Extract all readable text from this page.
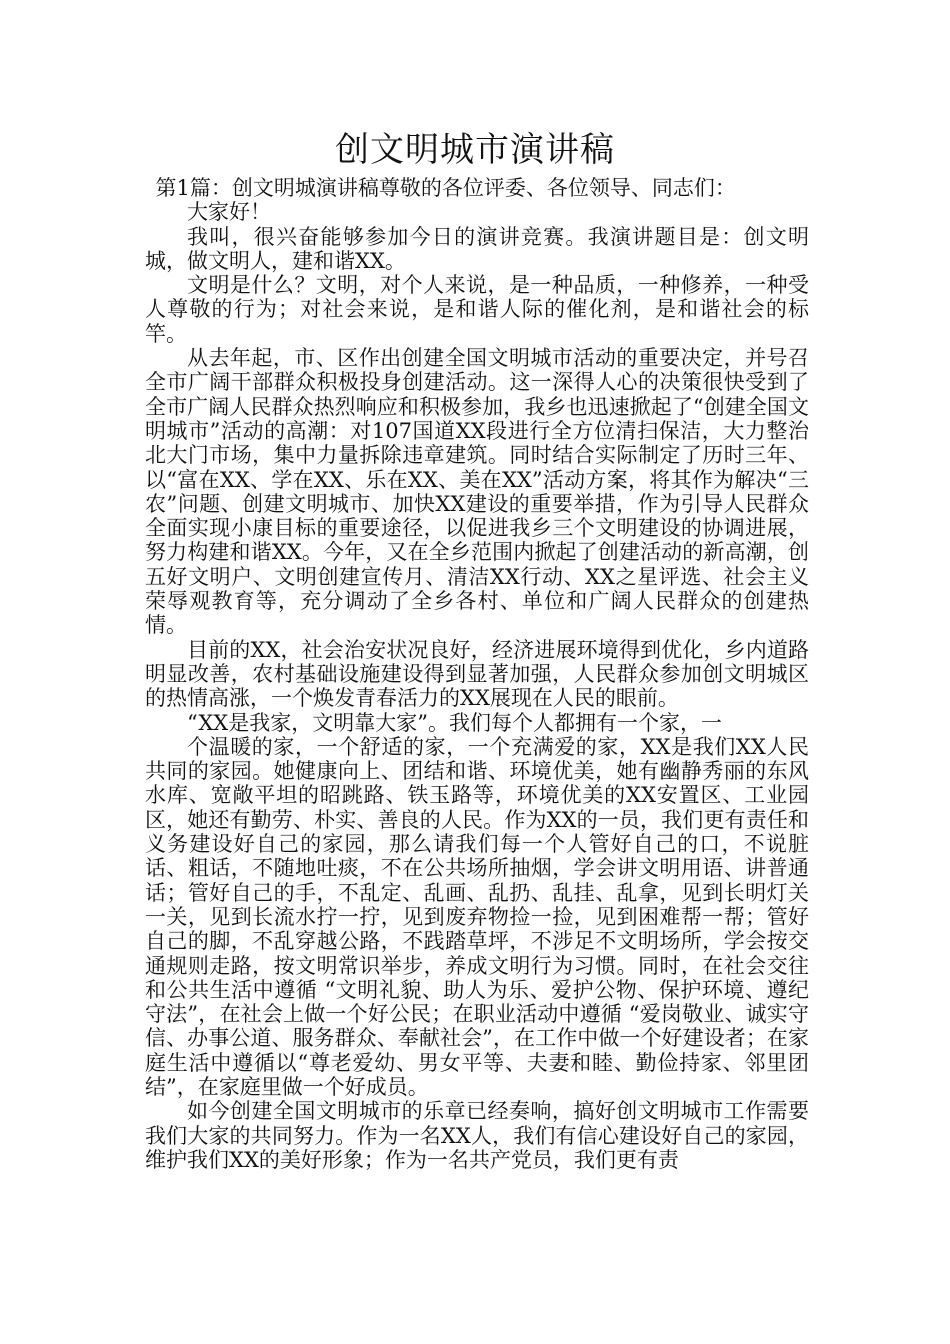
创文明城市演讲稿

第1篇：创文明城演讲稿尊敬的各位评委、各位领导、同志们：

大家好！

我叫，很兴奋能够参加今日的演讲竞赛。我演讲题目是：创文明城，做文明人，建和谐XX。

文明是什么？文明，对个人来说，是一种品质，一种修养，一种受人尊敬的行为；对社会来说，是和谐人际的催化剂，是和谐社会的标竿。

从去年起，市、区作出创建全国文明城市活动的重要决定，并号召全市广阔干部群众积极投身创建活动。这一深得人心的决策很快受到了全市广阔人民群众热烈响应和积极参加，我乡也迅速掀起了“创建全国文明城市”活动的高潮：对107国道XX段进行全方位清扫保洁，大力整治北大门市场，集中力量拆除违章建筑。同时结合实际制定了历时三年、以“富在XX、学在XX、乐在XX、美在XX”活动方案，将其作为解决“三农”问题、创建文明城市、加快XX建设的重要举措，作为引导人民群众全面实现小康目标的重要途径，以促进我乡三个文明建设的协调进展，努力构建和谐XX。今年，又在全乡范围内掀起了创建活动的新高潮，创五好文明户、文明创建宣传月、清洁XX行动、XX之星评选、社会主义荣辱观教育等，充分调动了全乡各村、单位和广阔人民群众的创建热情。

目前的XX，社会治安状况良好，经济进展环境得到优化，乡内道路明显改善，农村基础设施建设得到显著加强，人民群众参加创文明城区的热情高涨，一个焕发青春活力的XX展现在人民的眼前。

“XX是我家，文明靠大家”。我们每个人都拥有一个家，一

个温暖的家，一个舒适的家，一个充满爱的家，XX是我们XX人民共同的家园。她健康向上、团结和谐、环境优美，她有幽静秀丽的东风水库、宽敞平坦的昭跳路、铁玉路等，环境优美的XX安置区、工业园区，她还有勤劳、朴实、善良的人民。作为XX的一员，我们更有责任和义务建设好自己的家园，那么请我们每一个人管好自己的口，不说脏话、粗话，不随地吐痰，不在公共场所抽烟，学会讲文明用语、讲普通话；管好自己的手，不乱定、乱画、乱扔、乱挂、乱拿，见到长明灯关一关，见到长流水拧一拧，见到废弃物捡一捡，见到困难帮一帮；管好自己的脚，不乱穿越公路，不践踏草坪，不涉足不文明场所，学会按交通规则走路，按文明常识举步，养成文明行为习惯。同时，在社会交往和公共生活中遵循 “文明礼貌、助人为乐、爱护公物、保护环境、遵纪守法”，在社会上做一个好公民；在职业活动中遵循 “爱岗敬业、诚实守信、办事公道、服务群众、奉献社会”，在工作中做一个好建设者；在家庭生活中遵循以“尊老爱幼、男女平等、夫妻和睦、勤俭持家、邻里团结”，在家庭里做一个好成员。

如今创建全国文明城市的乐章已经奏响，搞好创文明城市工作需要我们大家的共同努力。作为一名XX人，我们有信心建设好自己的家园，维护我们XX的美好形象；作为一名共产党员，我们更有责
